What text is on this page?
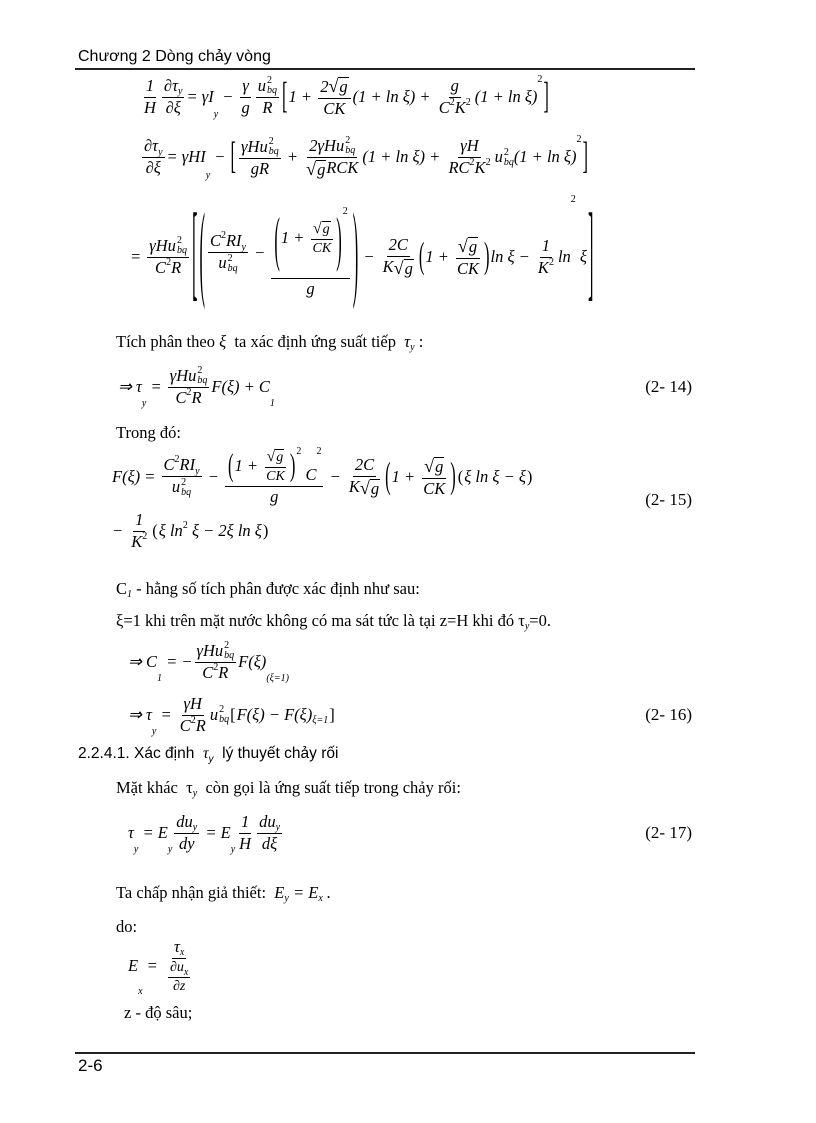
Chương 2 Dòng chảy vòng
$\frac{1}{H} \frac{\text{∂τ y}}{\partial\xi} = \gamma I$
y
− $\frac{\gamma}{g}$ u 2
bq
R [ $1 + \frac{2 √ g}{CK} (1 + \ln \xi) + \frac{g}{C 2 K 2} (1 + \ln \xi)$
2 ]
$\frac{\text{∂τ y}}{\partial\xi} = \gamma HI$
y
− [ γHu 2
bq
gR + 2γHu 2
bq
√ g RCK $(1 + \ln \xi) + \frac{\gamma H}{RC 2 K 2}$ u 2
bq (1 + ln ξ)
2 ]
= γHu 2
bq
C 2 R [ ( C 2 RI y
u 2
bq − $\frac{( 1 + \frac{√ g}{CK} ) 2}{g}$ ) − $\frac{2C}{K √ g}$ ( $1 + \frac{√ g}{CK}$ ) $\ln \xi - \frac{1}{K 2}$ ln
2
ξ ]
Tích phân theo ξ ta xác định ứng suất tiếp τ y :
⇒ τ
y
= γHu 2
bq
C 2 R F(ξ) + C
1
(2- 14)
Trong đó:
F(ξ) = C 2 RI y
u 2
bq − ( $1 + \frac{√ g}{CK}$ ) 2
C
2
$g - \frac{2C}{K √ g}$ ( $1 + \frac{√ g}{CK}$ ) ( ξ ln ξ − ξ )
− $\frac{1}{K 2}$ ( ξ ln 2 ξ − 2ξ ln ξ )
(2- 15)
C 1 - hằng số tích phân được xác định như sau:
ξ=1 khi trên mặt nước không có ma sát tức là tại z=H khi đó τ y =0.
⇒ C
1
= − γHu 2
bq
C 2 R F(ξ)
(ξ=1)
⇒ τ
y
= $\frac{\gamma H}{C 2 R}$ u 2
bq [ F(ξ) − F(ξ) ξ=1 ]	(2- 16)
2.2.4.1. Xác định τ y lý thuyết chảy rối
Mặt khác  τ y còn gọi là ứng suất tiếp trong chảy rối:
τ
y
= E
y $\frac{\text{du y}}{dy} = E$
y $\frac{1}{H} \frac{\text{du y}}{d\xi}$	(2- 17)
Ta chấp nhận giả thiết: E y = E x .
do:
E
x
= $\frac{\text{τ x}}{\frac{\text{∂u x}}{\partial z}}$
z - độ sâu;
2-6
